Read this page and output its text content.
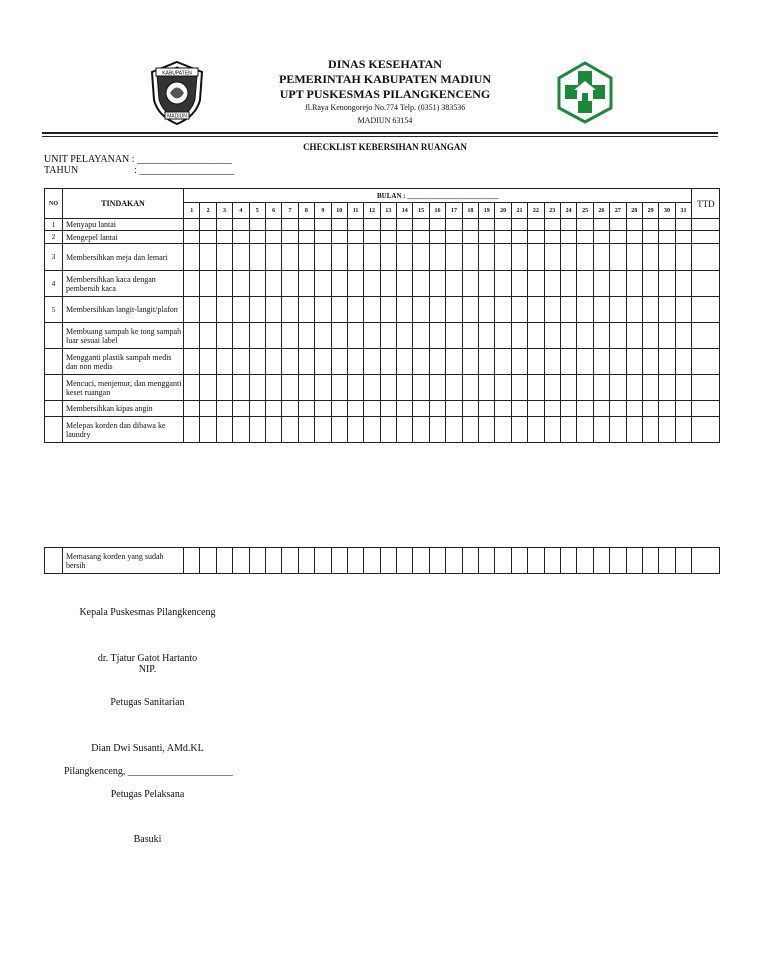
KABUPATEN
MADIUN
DINAS KESEHATAN
PEMERINTAH KABUPATEN MADIUN
UPT PUSKESMAS PILANGKENCENG
Jl.Raya Kenongorejo No.774 Telp. (0351) 383536
MADIUN 63154
CHECKLIST KEBERSIHAN RUANGAN
UNIT PELAYANAN : ___________________
TAHUN	: ___________________
NO	TINDAKAN	BULAN : __________________________																															TTD
		1	2	3	4	5	6	7	8	9	10	11	12	13	14	15	16	17	18	19	20	21	22	23	24	25	26	27	28	29	30	31	
1	Menyapu lantai																																
2	Mengepel lantai																																
3	Membersihkan meja dan lemari																																
4	Membersihkan kaca dengan pembersih kaca																																
5	Membersihkan langit-langit/plafon																																
	Membuang sampah ke tong sampah luar sesuai label																																
	Mengganti plastik sampah medis dan non medis																																
	Mencuci, menjemur, dan mengganti keset ruangan																																
	Membersihkan kipas angin																																
	Melepas korden dan dibawa ke laundry																																
	Memasang korden yang sudah bersih																																
Kepala Puskesmas Pilangkenceng
dr. Tjatur Gatot Hartanto
NIP.
Petugas Sanitarian
Dian Dwi Susanti, AMd.KL
Pilangkenceng, _____________________
Petugas Pelaksana
Basuki
